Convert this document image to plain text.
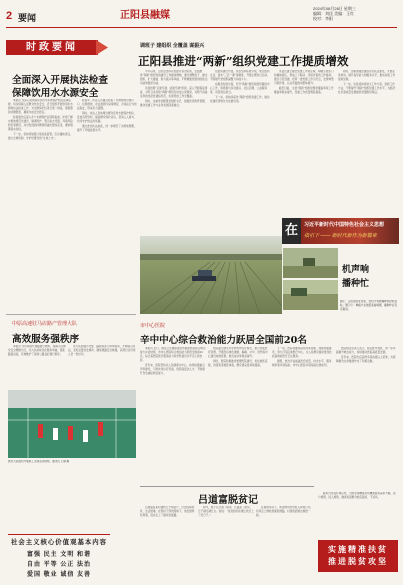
2 要闻	正阳县融媒
2024年08月28日 星期三
编辑：刘佳 美编：王红
校对：李阳
时政要闻	调班子 建组织 全覆盖 谋振兴
正阳县推进“两新”组织党建工作提质增效
全面深入开展执法检查
保障饮用水水源安全

本报讯 为深入贯彻落实饮用水水源保护相关法律法规，切实保障人民群众饮水安全，近日组织开展饮用水水源地执法检查工作，对水源保护区进行逐一排查，督促整改问题隐患，确保水质安全稳定。

检查组先后深入多个水源保护区现场查看，详细了解水源地规范化建设、隔离防护、警示标志设置、环境风险防范等情况，并对发现的问题现场提出整改意见，要求限期落实到位。

下一步，将持续加强日常巡查监管，压实属地责任，建立长效机制，守护好群众的“生命之水”。

检查中，执法人员重点检查了水源地周边排污口、垃圾堆放、农业面源污染等情况，对违法行为依法查处，形成有力震慑。

同时，执法人员向周边群众宣传水源保护知识，发放宣传资料，提高群众保护意识，营造人人参与、共同守护的良好氛围。

通过此次执法检查，进一步规范了水源地管理，提升了环境监管水平。

今年以来，正阳县坚持以党建引领为统领，全面推进“两新”组织党的建设工作提质增效，通过调整班子、健全组织、扩大覆盖、助力振兴等举措，不断增强党组织的政治功能和组织功能。

该县按照“应建尽建、能建尽建”原则，深入开展摸底排查，对符合条件的“两新”组织及时成立党组织，对暂不具备条件的选派党建指导员，实现党的工作全覆盖。

同时，注重选优配强党组织书记，加强党员教育管理，推动党建工作与业务发展深度融合。

在组织建设方面，该县坚持标准引领，规范组织生活，落实“三会一课”等制度，开展主题党日活动，不断提升党组织凝聚力和战斗力。

在服务发展方面，引导“两新”组织党组织围绕中心工作，积极参与乡村振兴、社区治理、公益服务等，彰显责任担当。

下一步，将持续深化“两新”组织党建工作，推动党建优势转化为发展优势。

该县还建立健全党建工作责任制，明确主管部门和属地责任，形成上下联动、齐抓共管的工作格局。通过示范创建，培育一批党建工作示范点，发挥典型引领作用，以点带面推动整体提升。

截至目前，全县“两新”组织党组织覆盖率和工作覆盖率稳步提升，党建工作质量明显提高。

同时，注重加强党建指导员队伍建设，开展业务培训，提升指导能力和服务水平，推动各项工作落地见效。

下一步，该县将持续加大工作力度，创新工作方法，不断提升“两新”组织党建工作水平，为经济社会高质量发展提供坚强组织保证。

图①：正阳县的麦田里，农机手驾驶播种机抢抓农时。图②③：种植户在地里查看墒情，播种作业有序推进。
机声响
播种忙
在	习近平新时代中国特色社会主义思想
指引下 —— 新时代新作为新篇章
中原高速驻马店路产管理大队
高效服务强秩序

本报讯 为切实提升道路通行效率，保障人民群众安全便捷出行，该大队持续优化服务举措，强化路面巡查，有效维护了高速公路良好通行秩序。

该大队加强与交警、路政等部门协作联动，开展联合执法，及时处置突发事件，确保道路安全畅通，获得过往司乘人员一致好评。

图为大队组织开展职工文体活动现场。通讯员 王静 摄
市中心医院
辛中中心综合救治能力跃居全国前20名

本报讯 近日，国家卫生健康委发布最新医院综合救治能力评估结果，市中心医院综合救治能力跃居全国前20名，标志着医院医疗服务能力和学科建设水平迈上新台阶。

近年来，医院坚持以人民健康为中心，持续加强重点学科建设，引进先进诊疗设备，培养高层次人才，不断提升急危重症救治能力。

医院建立健全多学科协作诊疗模式，整合优质医疗资源，开通急诊绿色通道，胸痛、卒中、创伤等中心建设成效显著，救治成功率稳步提升。

同时，医院积极推进智慧医院建设，优化就医流程，改善患者就医体验，群众满意度持续提高。

下一步，医院将继续深化改革创新，加强内涵建设，努力打造区域医疗中心，为人民群众提供更加优质高效的医疗卫生服务。

据悉，此次评估涵盖医疗质量、技术水平、服务效率等多项指标，市中心医院多项指标位居前列。

医院相关负责人表示，将以此为契机，进一步巩固提升救治能力，持续推动医院高质量发展。

近年来，医院先后获得多项省级以上荣誉，为保障群众生命健康作出了积极贡献。

吕道富脱贫记

吕道富是某村建档立卡贫困户，过去因病致贫，生活困难。在帮扶干部的帮助下，他发展特色养殖，逐步走上了脱贫致富路。

如今，他不仅还清了债务，还盖起了新房，日子越过越红火。他说：“是党的好政策让我过上了好日子。”

在他的带动下，周边群众纷纷加入养殖行列，共同走上增收致富的道路，村里的面貌也焕然一新。

脱贫攻坚战打响以来，当地坚持精准扶贫精准脱贫基本方略，因户施策，因人施策，确保贫困群众稳定脱贫、不返贫。

社会主义核心价值观基本内容
富强 民主 文明 和谐
自由 平等 公正 法治
爱国 敬业 诚信 友善
实施精准扶贫
推进脱贫攻坚
